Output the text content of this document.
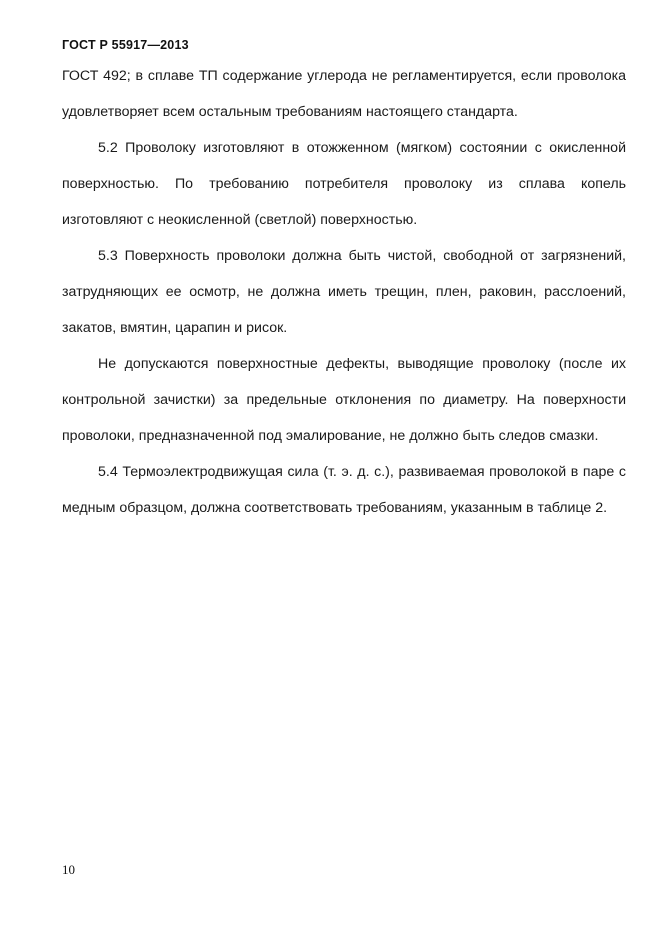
ГОСТ Р 55917—2013

ГОСТ 492; в сплаве ТП содержание углерода не регламентируется, если проволока удовлетворяет всем остальным требованиям настоящего стандарта.

5.2 Проволоку изготовляют в отожженном (мягком) состоянии с окисленной поверхностью. По требованию потребителя проволоку из сплава копель изготовляют с неокисленной (светлой) поверхностью.

5.3 Поверхность проволоки должна быть чистой, свободной от загрязнений, затрудняющих ее осмотр, не должна иметь трещин, плен, раковин, расслоений, закатов, вмятин, царапин и рисок.

Не допускаются поверхностные дефекты, выводящие проволоку (после их контрольной зачистки) за предельные отклонения по диаметру. На поверхности проволоки, предназначенной под эмалирование, не должно быть следов смазки.

5.4 Термоэлектродвижущая сила (т. э. д. с.), развиваемая проволокой в паре с медным образцом, должна соответствовать требованиям, указанным в таблице 2.

10
